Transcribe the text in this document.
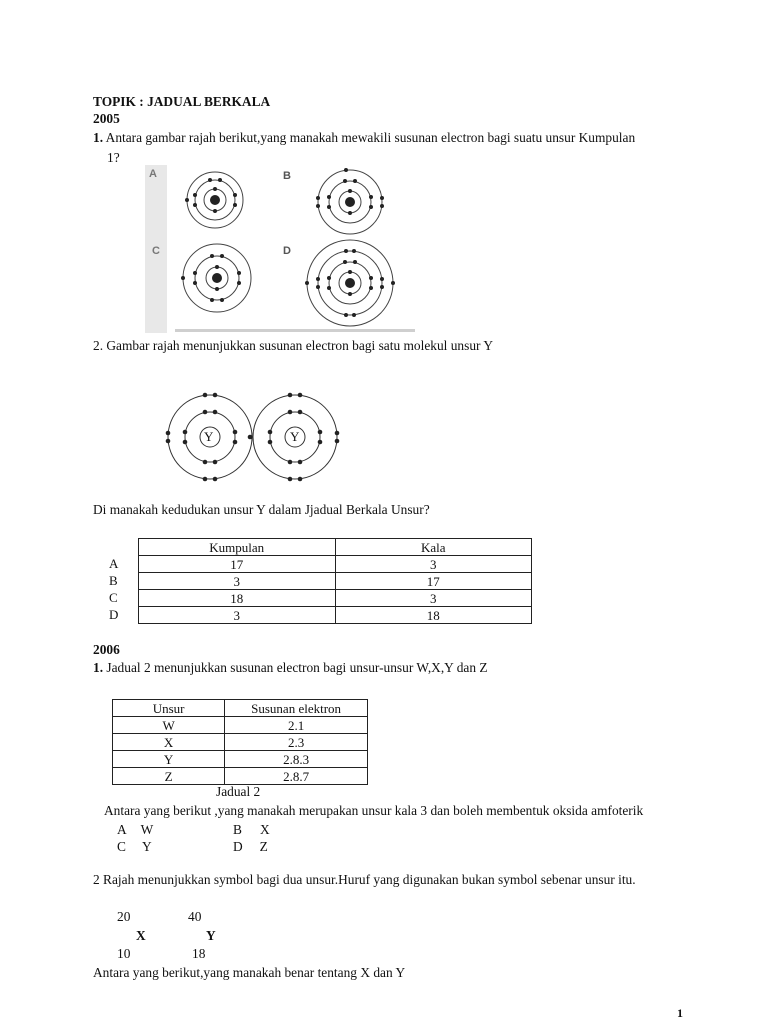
TOPIK : JADUAL BERKALA
2005
1. Antara gambar rajah berikut,yang manakah mewakili susunan electron bagi suatu unsur Kumpulan
1?
A	B
C	D
2. Gambar rajah menunjukkan susunan electron bagi satu molekul unsur Y
Y	Y
Di manakah kedudukan unsur Y dalam Jjadual Berkala Unsur?
A
B
C
D
Kumpulan	Kala
17	3
3	17
18	3
3	18
2006
1. Jadual 2 menunjukkan susunan electron bagi unsur-unsur W,X,Y dan Z
Unsur	Susunan elektron
W	2.1
X	2.3
Y	2.8.3
Z	2.8.7
Jadual 2
Antara yang berikut ,yang manakah merupakan unsur kala 3 dan boleh membentuk oksida amfoterik
A W	B X
C Y	D Z
2 Rajah menunjukkan symbol bagi dua unsur.Huruf yang digunakan bukan symbol sebenar unsur itu.
20
X
10
40
Y
18
Antara yang berikut,yang manakah benar tentang X dan Y
1
